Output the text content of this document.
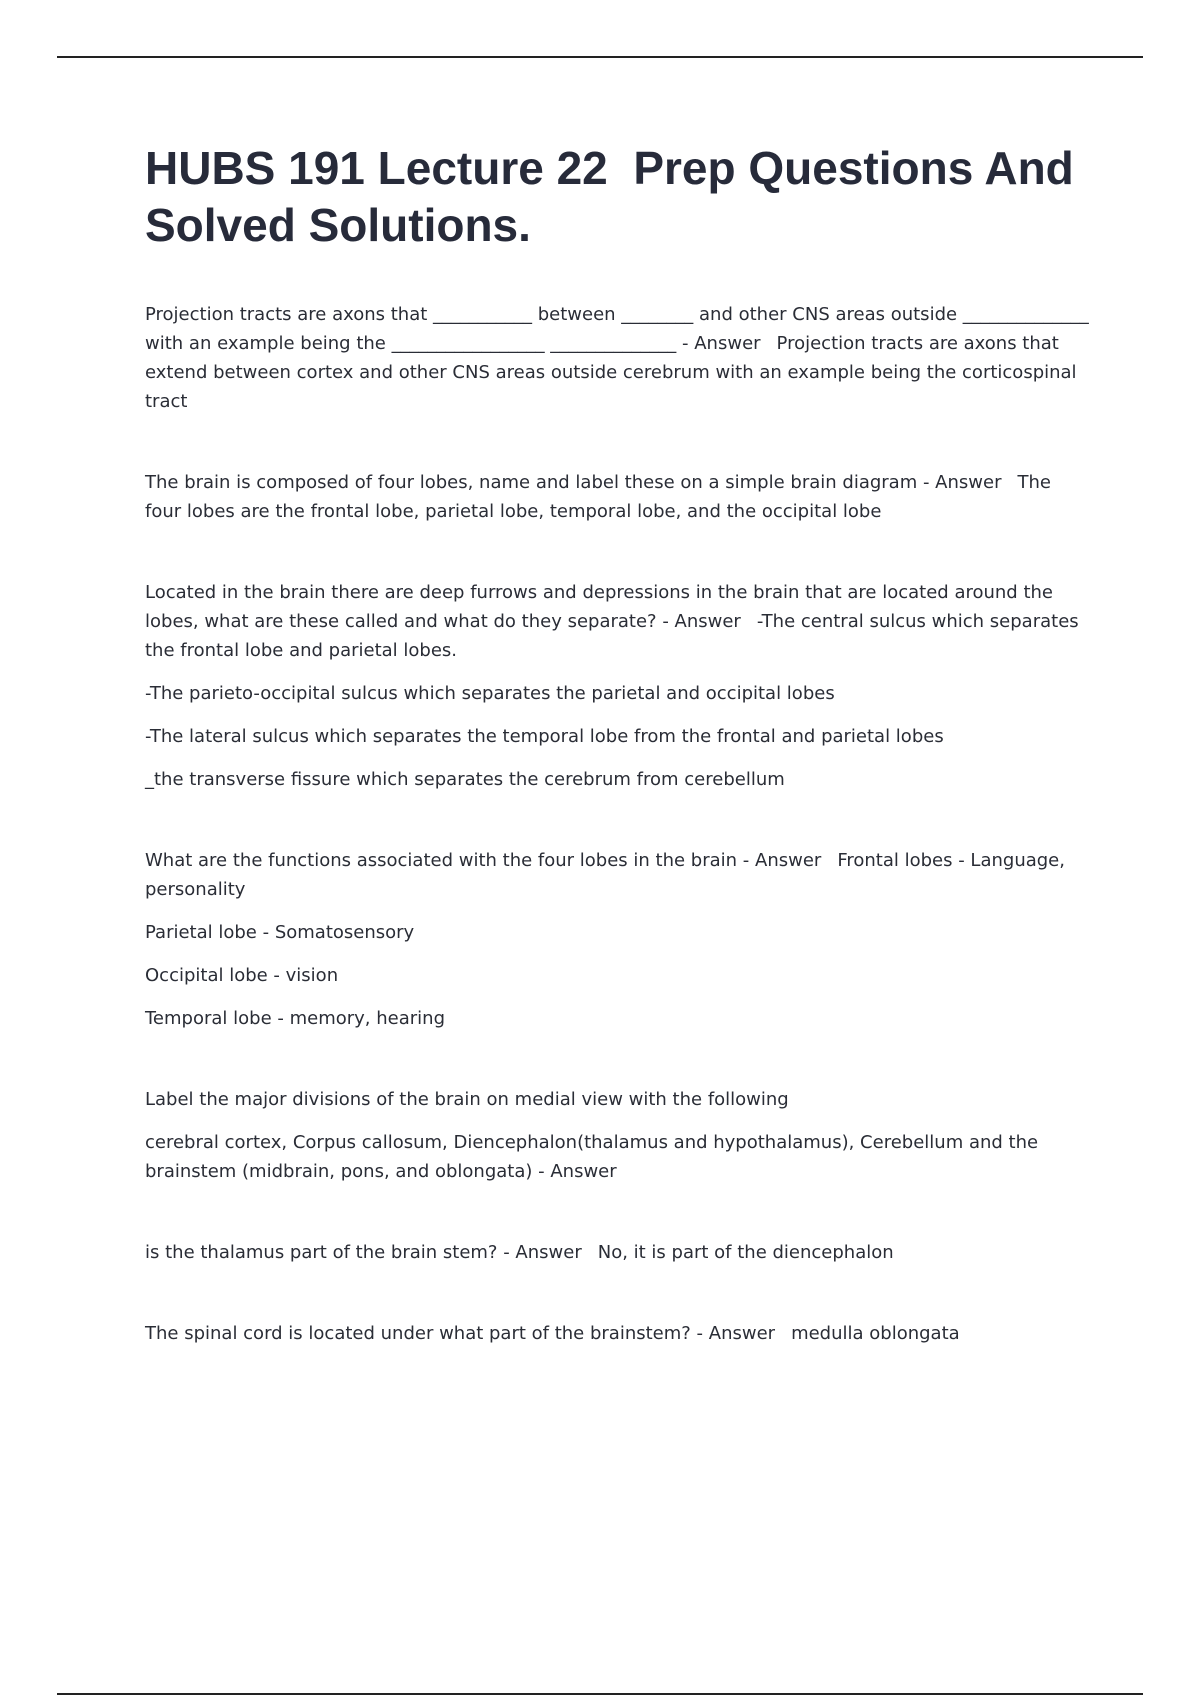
HUBS 191 Lecture 22  Prep Questions And Solved Solutions.

Projection tracts are axons that ___________ between ________ and other CNS areas outside ______________ with an example being the _________________ ______________ - Answer Projection tracts are axons that extend between cortex and other CNS areas outside cerebrum with an example being the corticospinal tract

The brain is composed of four lobes, name and label these on a simple brain diagram - Answer The four lobes are the frontal lobe, parietal lobe, temporal lobe, and the occipital lobe

Located in the brain there are deep furrows and depressions in the brain that are located around the lobes, what are these called and what do they separate? - Answer -The central sulcus which separates the frontal lobe and parietal lobes.

-The parieto-occipital sulcus which separates the parietal and occipital lobes

-The lateral sulcus which separates the temporal lobe from the frontal and parietal lobes

_the transverse fissure which separates the cerebrum from cerebellum

What are the functions associated with the four lobes in the brain - Answer Frontal lobes - Language, personality

Parietal lobe - Somatosensory

Occipital lobe - vision

Temporal lobe - memory, hearing

Label the major divisions of the brain on medial view with the following

cerebral cortex, Corpus callosum, Diencephalon(thalamus and hypothalamus), Cerebellum and the brainstem (midbrain, pons, and oblongata) - Answer

is the thalamus part of the brain stem? - Answer No, it is part of the diencephalon

The spinal cord is located under what part of the brainstem? - Answer medulla oblongata
